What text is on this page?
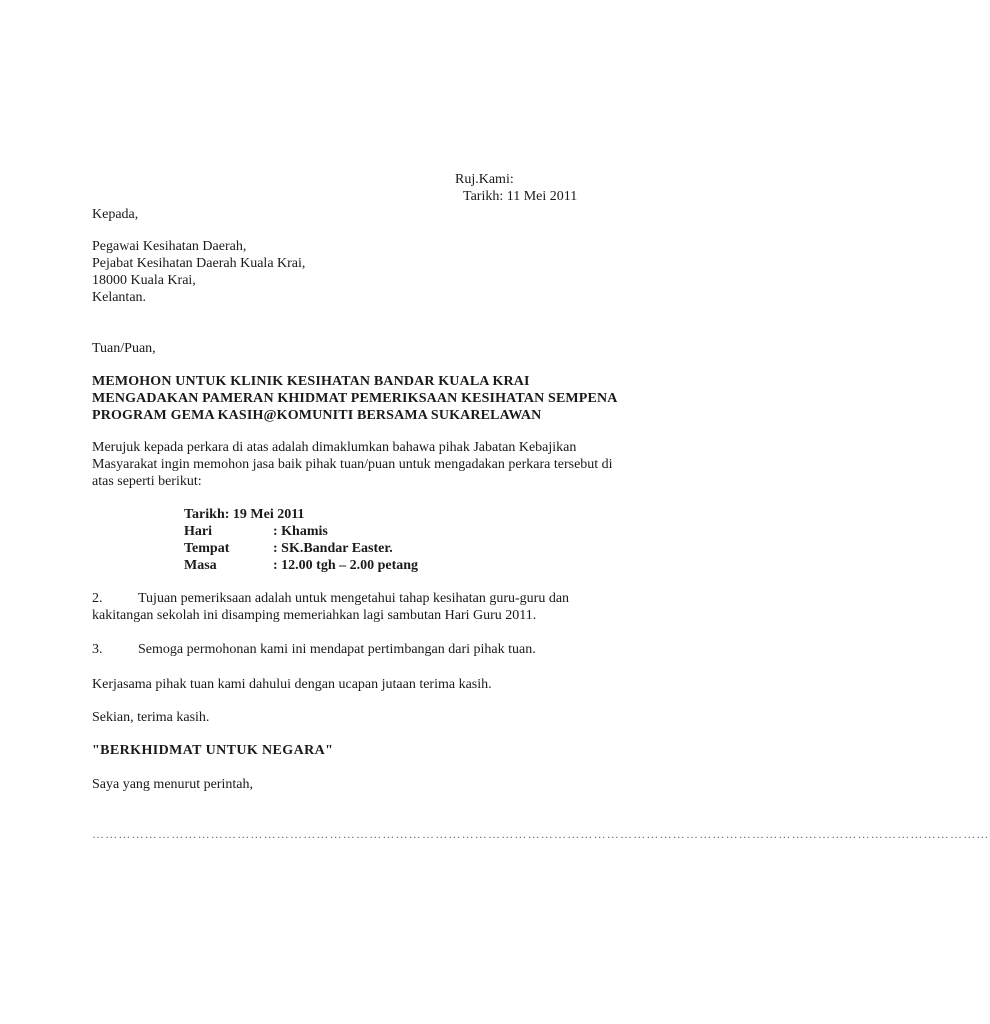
Ruj.Kami:
Tarikh: 11 Mei 2011
Kepada,
Pegawai Kesihatan Daerah,
Pejabat Kesihatan Daerah Kuala Krai,
18000 Kuala Krai,
Kelantan.
Tuan/Puan,
MEMOHON UNTUK KLINIK KESIHATAN BANDAR KUALA KRAI
MENGADAKAN PAMERAN KHIDMAT PEMERIKSAAN KESIHATAN SEMPENA
PROGRAM GEMA KASIH@KOMUNITI BERSAMA SUKARELAWAN
Merujuk kepada perkara di atas adalah dimaklumkan bahawa pihak Jabatan Kebajikan
Masyarakat ingin memohon jasa baik pihak tuan/puan untuk mengadakan perkara tersebut di
atas seperti berikut:
Tarikh: 19 Mei 2011
Hari	: Khamis
Tempat	: SK.Bandar Easter.
Masa	: 12.00 tgh – 2.00 petang
2.	Tujuan pemeriksaan adalah untuk mengetahui tahap kesihatan guru-guru dan
kakitangan sekolah ini disamping memeriahkan lagi sambutan Hari Guru 2011.
3.	Semoga permohonan kami ini mendapat pertimbangan dari pihak tuan.
Kerjasama pihak tuan kami dahului dengan ucapan jutaan terima kasih.
Sekian, terima kasih.
"BERKHIDMAT UNTUK NEGARA"
Saya yang menurut perintah,
……………………………………………………………………………………………………………………………………………………………………………………
